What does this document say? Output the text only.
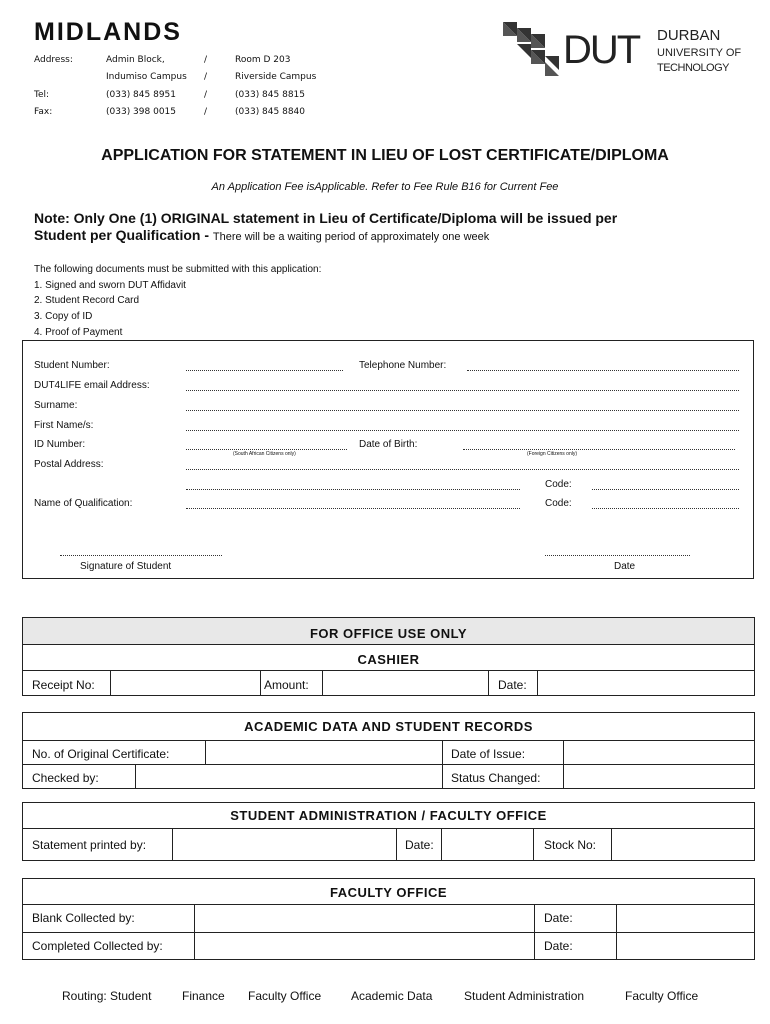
MIDLANDS
Address:	Admin Block,	/	Room D 203
Indumiso Campus /	Riverside Campus
Tel:	(033) 845 8951	/	(033) 845 8815
Fax:	(033) 398 0015	/	(033) 845 8840
DUT DURBAN
UNIVERSITY OF
TECHNOLOGY
APPLICATION FOR STATEMENT IN LIEU OF LOST CERTIFICATE/DIPLOMA
An Application Fee isApplicable. Refer to Fee Rule B16 for Current Fee
Note: Only One (1) ORIGINAL statement in Lieu of Certificate/Diploma will be issued per
Student per Qualification - There will be a waiting period of approximately one week
The following documents must be submitted with this application:
1. Signed and sworn DUT Affidavit
2. Student Record Card
3. Copy of ID
4. Proof of Payment
Student Number:	Telephone Number:
DUT4LIFE email Address:
Surname:
First Name/s:
ID Number:
(South African Citizens only)
Date of Birth:
(Foreign Citizens only)
Postal Address:
Code:
Name of Qualification:	Code:
Signature of Student	Date
FOR OFFICE USE ONLY
CASHIER
Receipt No:	Amount:	Date:
ACADEMIC DATA AND STUDENT RECORDS
No. of Original Certificate:	Date of Issue:
Checked by:	Status Changed:
STUDENT ADMINISTRATION / FACULTY OFFICE
Statement printed by:	Date:	Stock No:
FACULTY OFFICE
Blank Collected by:	Date:
Completed Collected by:	Date:
Routing: Student	Finance Faculty Office Academic Data	Student Administration	Faculty Office
